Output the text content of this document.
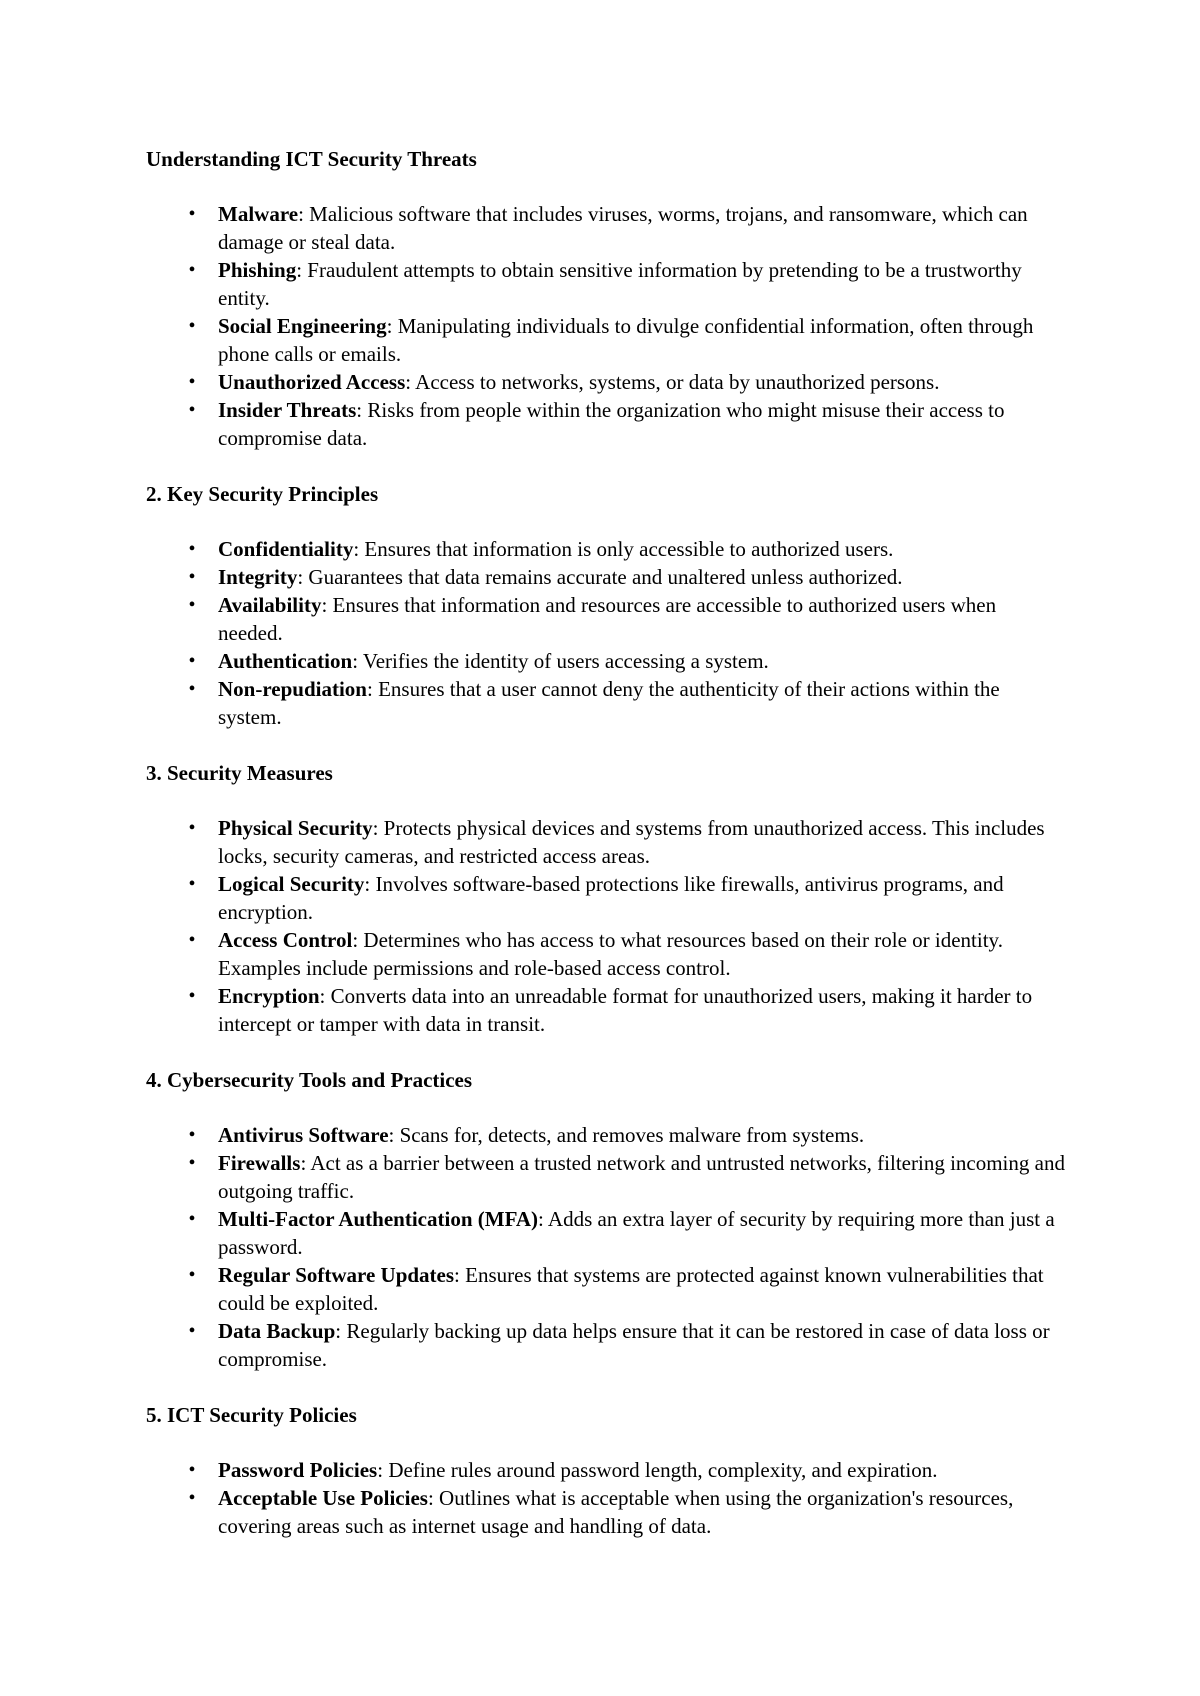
Understanding ICT Security Threats
•	Malware: Malicious software that includes viruses, worms, trojans, and ransomware, which can damage or steal data.
•	Phishing: Fraudulent attempts to obtain sensitive information by pretending to be a trustworthy entity.
•	Social Engineering: Manipulating individuals to divulge confidential information, often through phone calls or emails.
•	Unauthorized Access: Access to networks, systems, or data by unauthorized persons.
•	Insider Threats: Risks from people within the organization who might misuse their access to compromise data.
2. Key Security Principles
•	Confidentiality: Ensures that information is only accessible to authorized users.
•	Integrity: Guarantees that data remains accurate and unaltered unless authorized.
•	Availability: Ensures that information and resources are accessible to authorized users when needed.
•	Authentication: Verifies the identity of users accessing a system.
•	Non-repudiation: Ensures that a user cannot deny the authenticity of their actions within the system.
3. Security Measures
•	Physical Security: Protects physical devices and systems from unauthorized access. This includes locks, security cameras, and restricted access areas.
•	Logical Security: Involves software-based protections like firewalls, antivirus programs, and encryption.
•	Access Control: Determines who has access to what resources based on their role or identity. Examples include permissions and role-based access control.
•	Encryption: Converts data into an unreadable format for unauthorized users, making it harder to intercept or tamper with data in transit.
4. Cybersecurity Tools and Practices
•	Antivirus Software: Scans for, detects, and removes malware from systems.
•	Firewalls: Act as a barrier between a trusted network and untrusted networks, filtering incoming and outgoing traffic.
•	Multi-Factor Authentication (MFA): Adds an extra layer of security by requiring more than just a password.
•	Regular Software Updates: Ensures that systems are protected against known vulnerabilities that could be exploited.
•	Data Backup: Regularly backing up data helps ensure that it can be restored in case of data loss or compromise.
5. ICT Security Policies
•	Password Policies: Define rules around password length, complexity, and expiration.
•	Acceptable Use Policies: Outlines what is acceptable when using the organization's resources, covering areas such as internet usage and handling of data.
